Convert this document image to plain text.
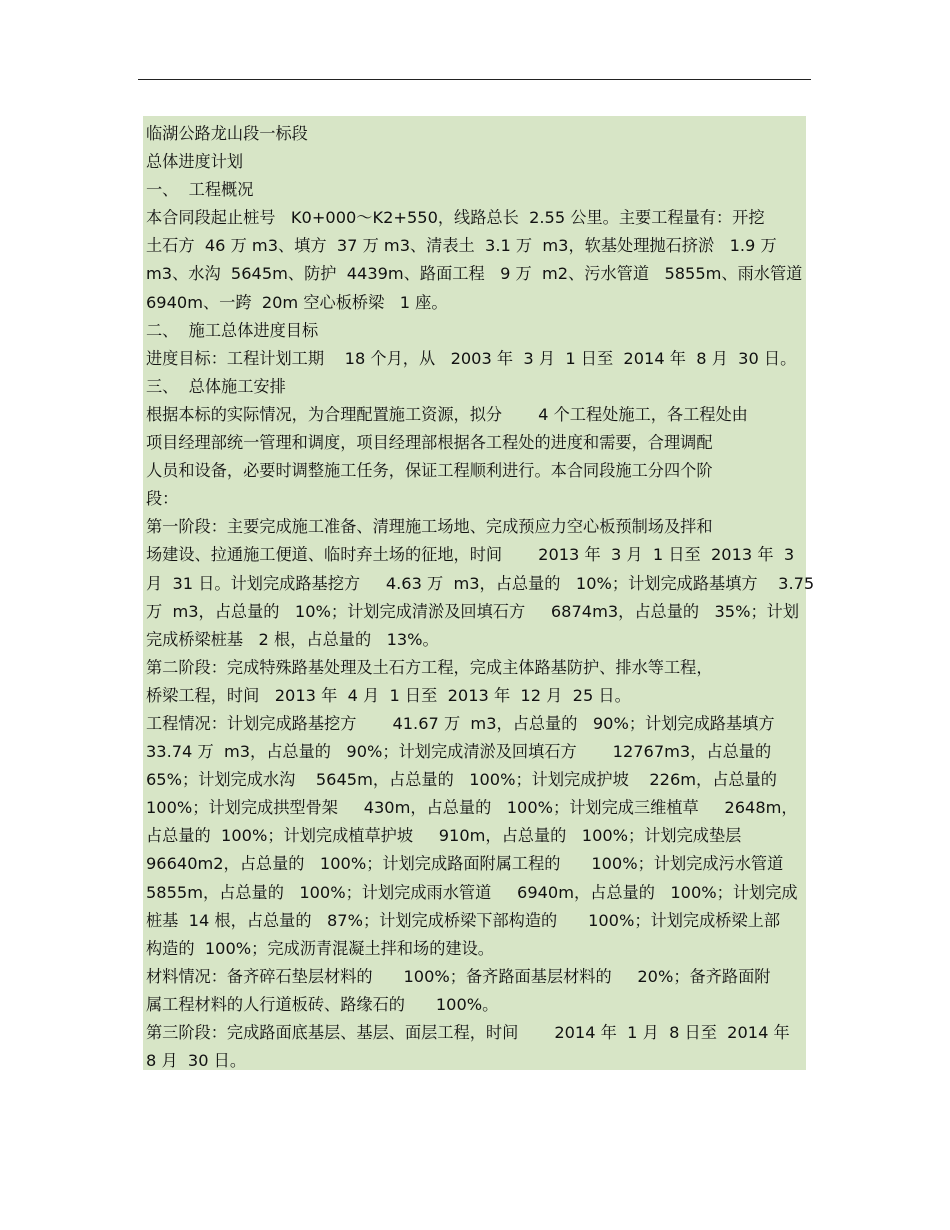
临湖公路龙山段一标段
总体进度计划
一、  工程概况
本合同段起止桩号   K0+000～K2+550，线路总长  2.55 公里。主要工程量有：开挖
土石方  46 万 m3、填方  37 万 m3、清表土  3.1 万  m3，软基处理抛石挤淤   1.9 万
m3、水沟  5645m、防护  4439m、路面工程   9 万  m2、污水管道   5855m、雨水管道
6940m、一跨  20m 空心板桥梁   1 座。
二、  施工总体进度目标
进度目标：工程计划工期    18 个月，从   2003 年  3 月  1 日至  2014 年  8 月  30 日。
三、  总体施工安排
根据本标的实际情况，为合理配置施工资源，拟分       4 个工程处施工，各工程处由
项目经理部统一管理和调度，项目经理部根据各工程处的进度和需要，合理调配
人员和设备，必要时调整施工任务，保证工程顺利进行。本合同段施工分四个阶
段：
第一阶段：主要完成施工准备、清理施工场地、完成预应力空心板预制场及拌和
场建设、拉通施工便道、临时弃土场的征地，时间       2013 年  3 月  1 日至  2013 年  3
月  31 日。计划完成路基挖方     4.63 万  m3，占总量的   10%；计划完成路基填方    3.75
万  m3，占总量的   10%；计划完成清淤及回填石方     6874m3，占总量的   35%；计划
完成桥梁桩基   2 根，占总量的   13%。
第二阶段：完成特殊路基处理及土石方工程，完成主体路基防护、排水等工程，
桥梁工程，时间   2013 年  4 月  1 日至  2013 年  12 月  25 日。
工程情况：计划完成路基挖方       41.67 万  m3，占总量的   90%；计划完成路基填方
33.74 万  m3，占总量的   90%；计划完成清淤及回填石方       12767m3，占总量的
65%；计划完成水沟    5645m，占总量的   100%；计划完成护坡    226m，占总量的
100%；计划完成拱型骨架     430m，占总量的   100%；计划完成三维植草     2648m，
占总量的  100%；计划完成植草护坡     910m，占总量的   100%；计划完成垫层
96640m2，占总量的   100%；计划完成路面附属工程的      100%；计划完成污水管道
5855m，占总量的   100%；计划完成雨水管道     6940m，占总量的   100%；计划完成
桩基  14 根，占总量的   87%；计划完成桥梁下部构造的      100%；计划完成桥梁上部
构造的  100%；完成沥青混凝土拌和场的建设。
材料情况：备齐碎石垫层材料的      100%；备齐路面基层材料的     20%；备齐路面附
属工程材料的人行道板砖、路缘石的      100%。
第三阶段：完成路面底基层、基层、面层工程，时间       2014 年  1 月  8 日至  2014 年
8 月  30 日。
